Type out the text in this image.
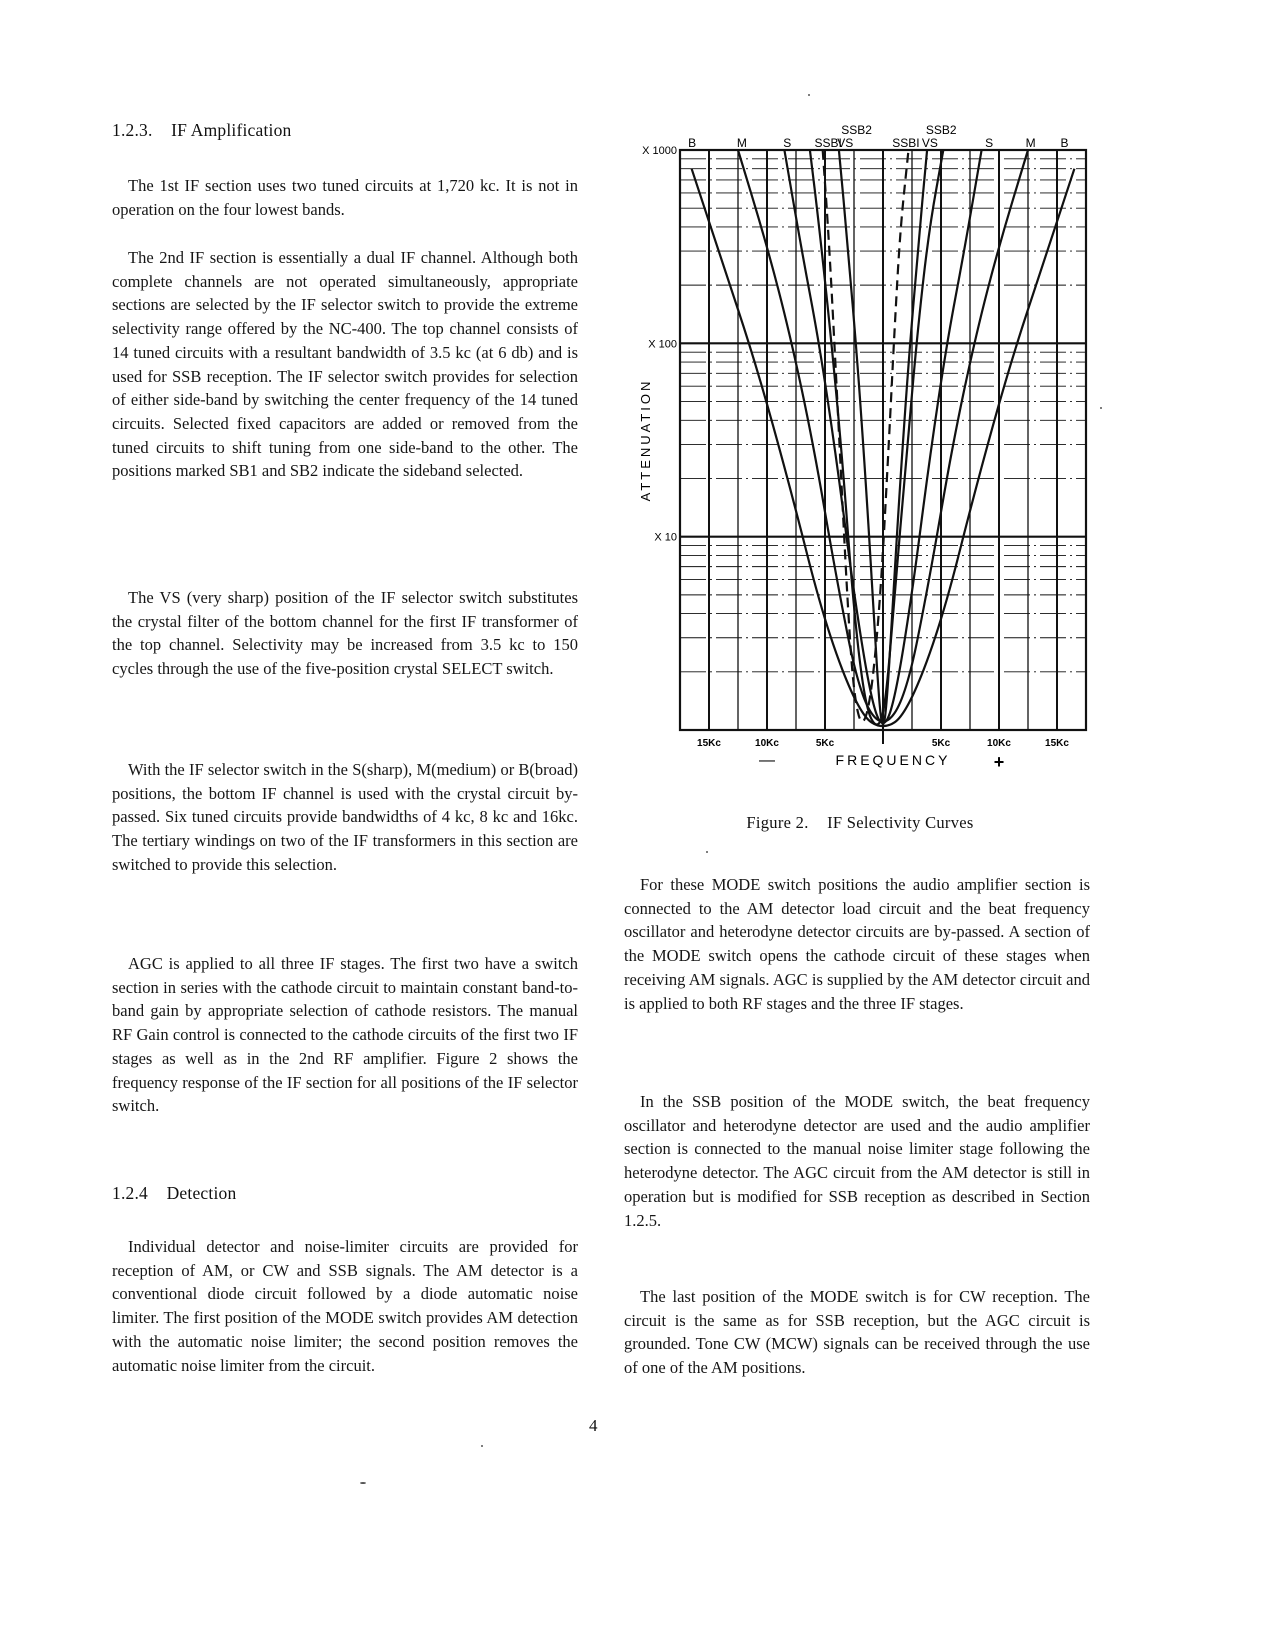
1.2.3. IF Amplification

The 1st IF section uses two tuned circuits at 1,720 kc. It is not in operation on the four lowest bands.

The 2nd IF section is essentially a dual IF channel. Although both complete channels are not operated simultaneously, appropriate sections are selected by the IF selector switch to provide the extreme selectivity range offered by the NC-400. The top channel consists of 14 tuned circuits with a resultant bandwidth of 3.5 kc (at 6 db) and is used for SSB reception. The IF selector switch provides for selection of either side-band by switching the center frequency of the 14 tuned circuits. Selected fixed capacitors are added or removed from the tuned circuits to shift tuning from one side-band to the other. The positions marked SB1 and SB2 indicate the sideband selected.

The VS (very sharp) position of the IF selector switch substitutes the crystal filter of the bottom channel for the first IF transformer of the top channel. Selectivity may be increased from 3.5 kc to 150 cycles through the use of the five-position crystal SELECT switch.

With the IF selector switch in the S(sharp), M(medium) or B(broad) positions, the bottom IF channel is used with the crystal circuit by-passed. Six tuned circuits provide bandwidths of 4 kc, 8 kc and 16kc. The tertiary windings on two of the IF transformers in this section are switched to provide this selection.

AGC is applied to all three IF stages. The first two have a switch section in series with the cathode circuit to maintain constant band-to-band gain by appropriate selection of cathode resistors. The manual RF Gain control is connected to the cathode circuits of the first two IF stages as well as in the 2nd RF amplifier. Figure 2 shows the frequency response of the IF section for all positions of the IF selector switch.

1.2.4 Detection

Individual detector and noise-limiter circuits are provided for reception of AM, or CW and SSB signals. The AM detector is a conventional diode circuit followed by a diode automatic noise limiter. The first position of the MODE switch provides AM detection with the automatic noise limiter; the second position removes the automatic noise limiter from the circuit.

X 10
X 100
X 1000
15Kc	10Kc	5Kc	5Kc	10Kc	15Kc
FREQUENCY
—	+
ATTENUATION
B	M	S SSBI
SSB2
VS	SSBI
SSB2
VS	S	M B
Figure 2. IF Selectivity Curves

For these MODE switch positions the audio amplifier section is connected to the AM detector load circuit and the beat frequency oscillator and heterodyne detector circuits are by-passed. A section of the MODE switch opens the cathode circuit of these stages when receiving AM signals. AGC is supplied by the AM detector circuit and is applied to both RF stages and the three IF stages.

In the SSB position of the MODE switch, the beat frequency oscillator and heterodyne detector are used and the audio amplifier section is connected to the manual noise limiter stage following the heterodyne detector. The AGC circuit from the AM detector is still in operation but is modified for SSB reception as described in Section 1.2.5.

The last position of the MODE switch is for CW reception. The circuit is the same as for SSB reception, but the AGC circuit is grounded. Tone CW (MCW) signals can be received through the use of one of the AM positions.

4
